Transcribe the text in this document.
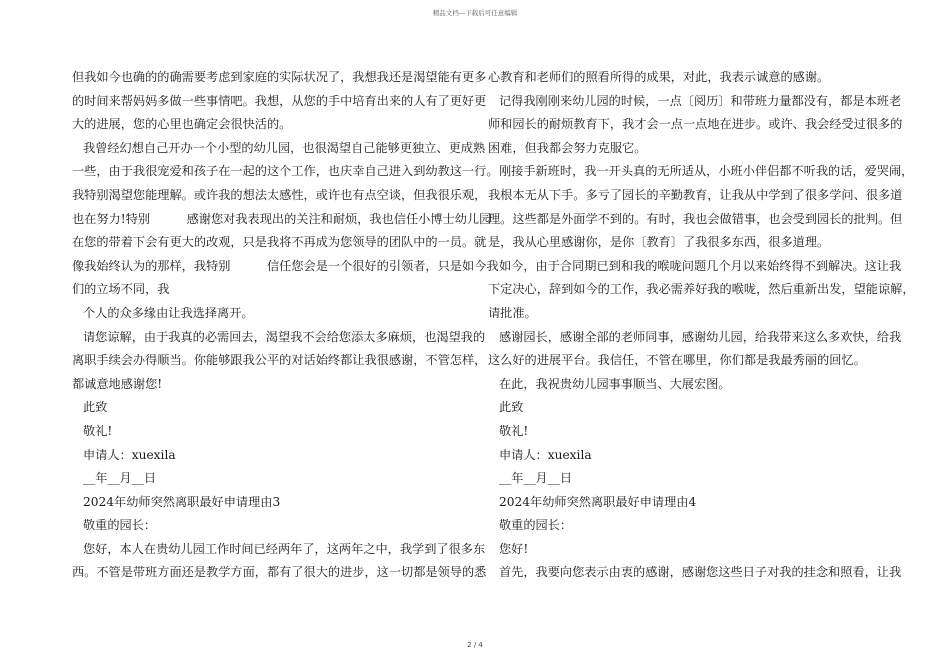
精品文档---下载后可任意编辑
但我如今也确的的确需要考虑到家庭的实际状况了，我想我还是渴望能有更多
的时间来帮妈妈多做一些事情吧。我想，从您的手中培育出来的人有了更好更
大的进展，您的心里也确定会很快活的。
我曾经幻想自己开办一个小型的幼儿园，也很渴望自己能够更独立、更成熟
一些，由于我很宠爱和孩子在一起的这个工作，也庆幸自己进入到幼教这一行。
我特别渴望您能理解。或许我的想法太感性，或许也有点空谈，但我很乐观，
也在努力!特别　　　感谢您对我表现出的关注和耐烦，我也信任小博士幼儿园
在您的带着下会有更大的改观，只是我将不再成为您领导的团队中的一员。就
像我始终认为的那样，我特别　　　信任您会是一个很好的引领者，只是如今我
们的立场不同，我
个人的众多缘由让我选择离开。
请您谅解，由于我真的必需回去，渴望我不会给您添太多麻烦，也渴望我的
离职手续会办得顺当。你能够跟我公平的对话始终都让我很感谢，不管怎样，
都诚意地感谢您!
此致
敬礼!
申请人：xuexila
__年__月__日
2024年幼师突然离职最好申请理由3
敬重的园长：
您好，本人在贵幼儿园工作时间已经两年了，这两年之中，我学到了很多东
西。不管是带班方面还是教学方面，都有了很大的进步，这一切都是领导的悉
心教育和老师们的照看所得的成果，对此，我表示诚意的感谢。
记得我刚刚来幼儿园的时候，一点〔阅历〕和带班力量都没有，都是本班老
师和园长的耐烦教育下，我才会一点一点地在进步。或许、我会经受过很多的
困难，但我都会努力克服它。
刚接手新班时，我一开头真的无所适从，小班小伴侣都不听我的话，爱哭闹，
我根本无从下手。多亏了园长的辛勤教育，让我从中学到了很多学问、很多道
理。这些都是外面学不到的。有时，我也会做错事，也会受到园长的批判。但
是，我从心里感谢你，是你〔教育〕了我很多东西，很多道理。
如今，由于合同期已到和我的喉咙问题几个月以来始终得不到解决。这让我
下定决心，辞到如今的工作，我必需养好我的喉咙，然后重新出发，望能谅解，
请批准。
感谢园长，感谢全部的老师同事，感谢幼儿园，给我带来这么多欢快，给我
这么好的进展平台。我信任，不管在哪里，你们都是我最秀丽的回忆。
在此，我祝贵幼儿园事事顺当、大展宏图。
此致
敬礼!
申请人：xuexila
__年__月__日
2024年幼师突然离职最好申请理由4
敬重的园长：
您好!
首先，我要向您表示由衷的感谢，感谢您这些日子对我的挂念和照看，让我
2 / 4
